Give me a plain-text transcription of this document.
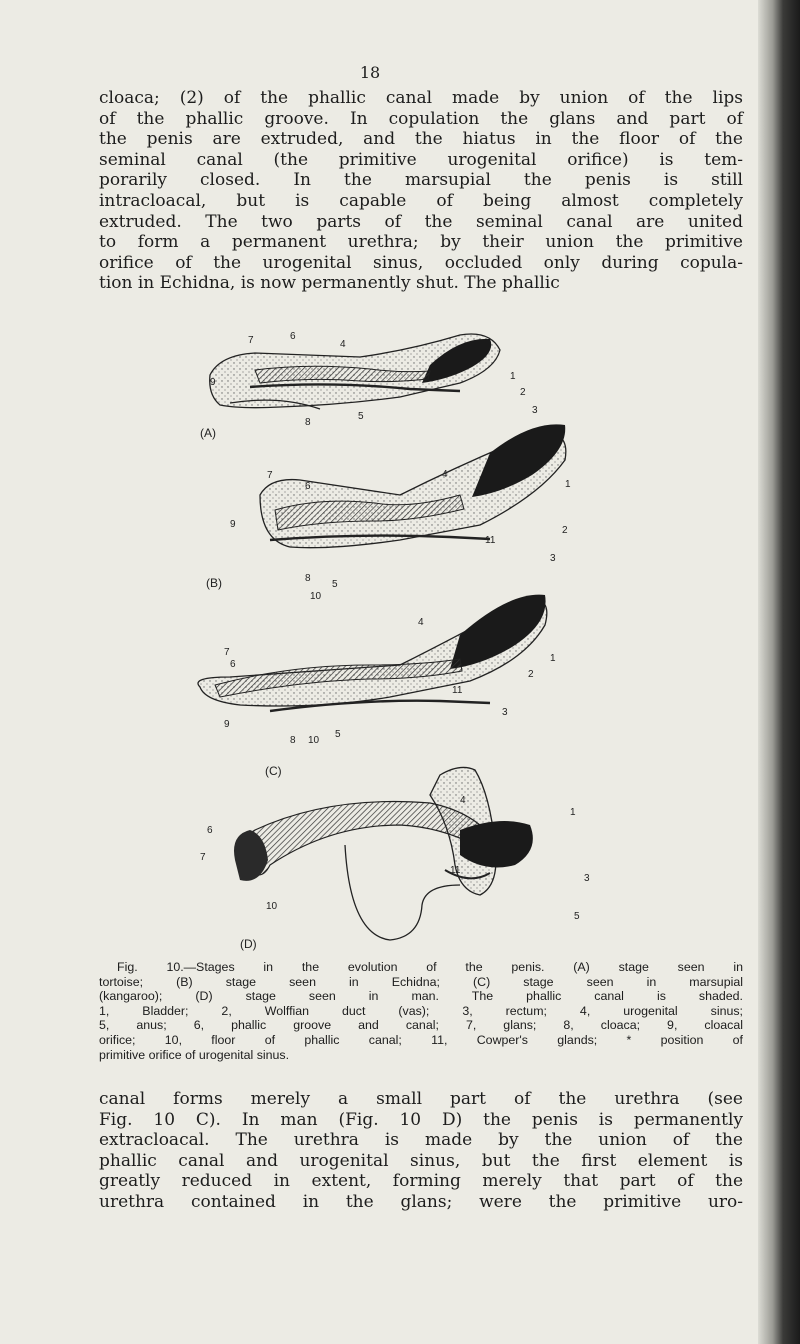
18

cloaca; (2) of the phallic canal made by union of the lips
of the phallic groove. In copulation the glans and part of
the penis are extruded, and the hiatus in the floor of the
seminal canal (the primitive urogenital orifice) is tem-
porarily closed. In the marsupial the penis is still
intracloacal, but is capable of being almost completely
extruded. The two parts of the seminal canal are united
to form a permanent urethra; by their union the primitive
orifice of the urogenital sinus, occluded only during copula-
tion in Echidna, is now permanently shut. The phallic

7	6
4
9
1
2
3
8
5
(A)
7
6
4
9
1
11
2
3
8
10
5
(B)
4
7
6
1
2
11
3
9
8 10
5
(C)
6
7
4
1
11
3
10
5
(D)
Fig. 10.—Stages in the evolution of the penis. (A) stage seen in
tortoise; (B) stage seen in Echidna; (C) stage seen in marsupial
(kangaroo); (D) stage seen in man. The phallic canal is shaded.
1, Bladder; 2, Wolffian duct (vas); 3, rectum; 4, urogenital sinus;
5, anus; 6, phallic groove and canal; 7, glans; 8, cloaca; 9, cloacal
orifice; 10, floor of phallic canal; 11, Cowper's glands; * position of
primitive orifice of urogenital sinus.

canal forms merely a small part of the urethra (see
Fig. 10 C). In man (Fig. 10 D) the penis is permanently
extracloacal. The urethra is made by the union of the
phallic canal and urogenital sinus, but the first element is
greatly reduced in extent, forming merely that part of the
urethra contained in the glans; were the primitive uro-
